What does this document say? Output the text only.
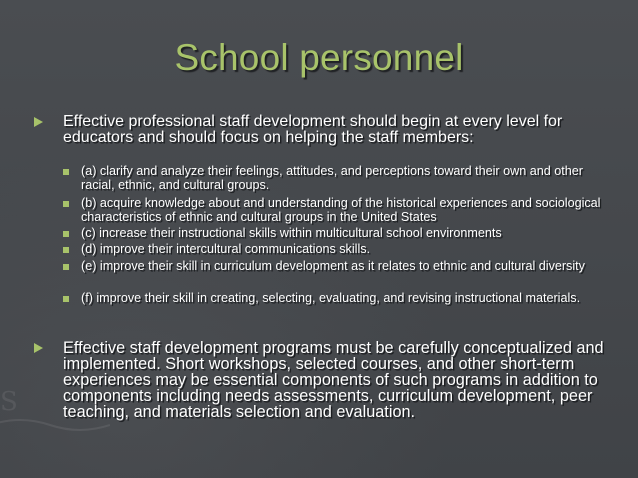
S
School personnel
Effective professional staff development should begin at every level for educators and should focus on helping the staff members:
(a) clarify and analyze their feelings, attitudes, and perceptions toward their own and other racial, ethnic, and cultural groups.
(b) acquire knowledge about and understanding of the historical experiences and sociological characteristics of ethnic and cultural groups in the United States
(c) increase their instructional skills within multicultural school environments
(d) improve their intercultural communications skills.
(e) improve their skill in curriculum development as it relates to ethnic and cultural diversity
(f) improve their skill in creating, selecting, evaluating, and revising instructional materials.
Effective staff development programs must be carefully conceptualized and implemented. Short workshops, selected courses, and other short-term experiences may be essential components of such programs in addition to components including needs assessments, curriculum development, peer teaching, and materials selection and evaluation.
